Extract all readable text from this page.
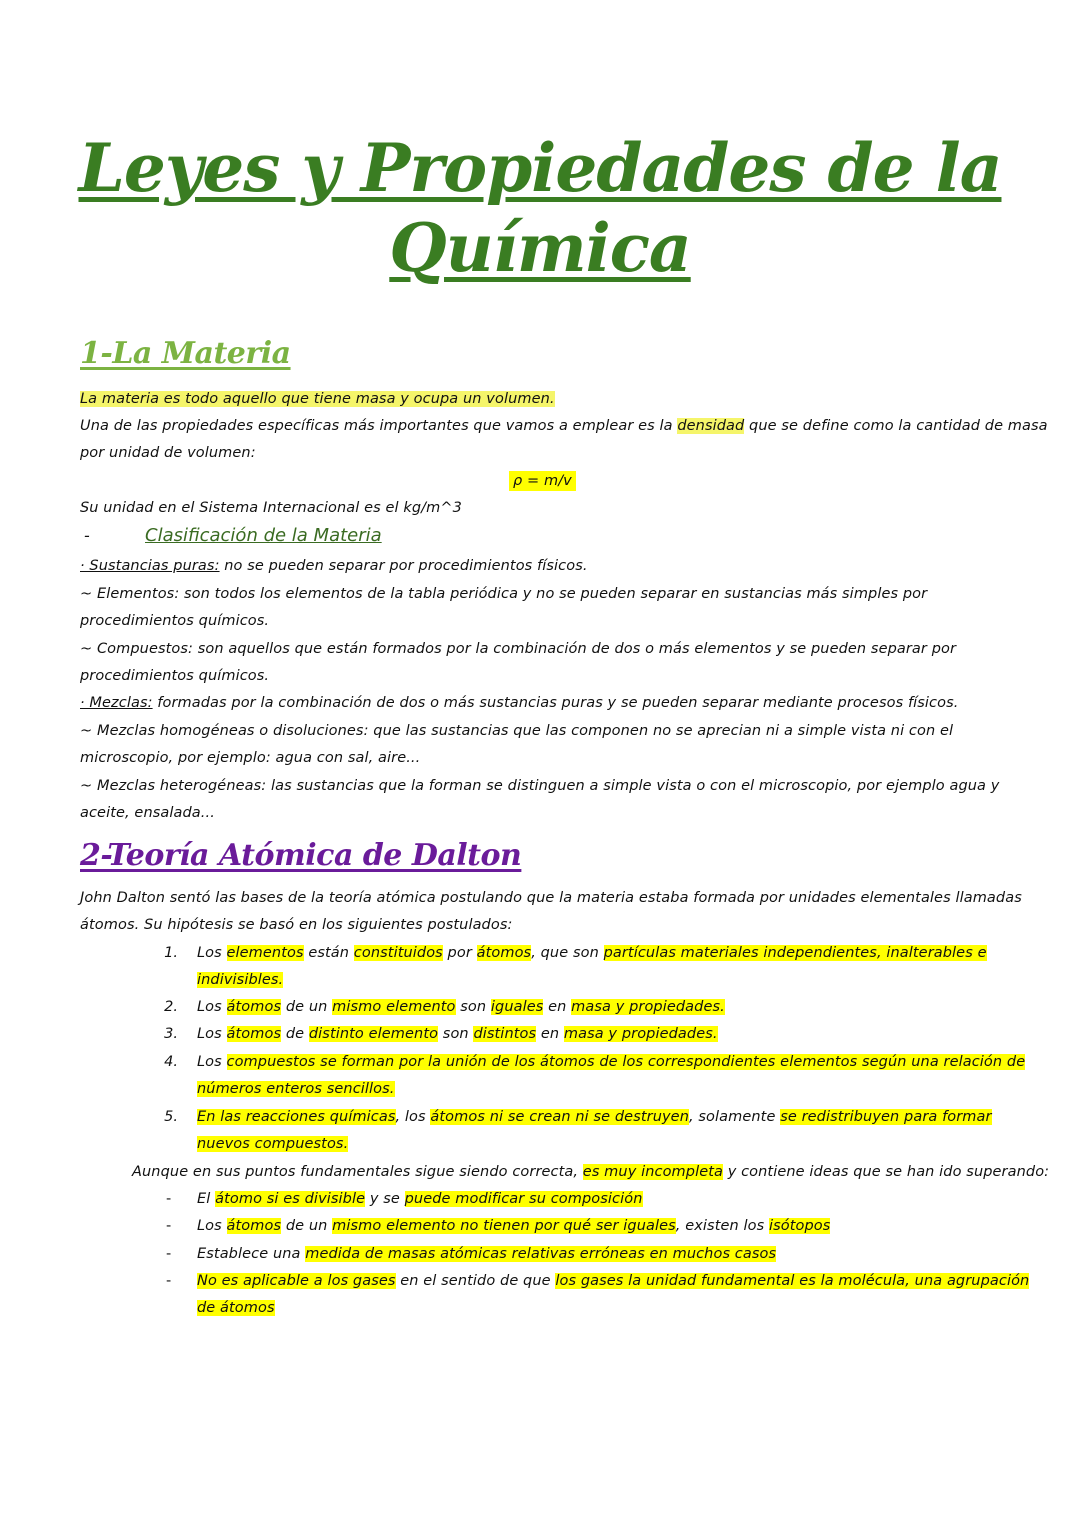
Leyes y Propiedades de la
Química
1-La Materia
La materia es todo aquello que tiene masa y ocupa un volumen.
Una de las propiedades específicas más importantes que vamos a emplear es la densidad que se define como la cantidad de masa
por unidad de volumen:
ρ = m/v
Su unidad en el Sistema Internacional es el kg/m^3
-	Clasificación de la Materia
· Sustancias puras: no se pueden separar por procedimientos físicos.
~ Elementos: son todos los elementos de la tabla periódica y no se pueden separar en sustancias más simples por
procedimientos químicos.
~ Compuestos: son aquellos que están formados por la combinación de dos o más elementos y se pueden separar por
procedimientos químicos.
· Mezclas: formadas por la combinación de dos o más sustancias puras y se pueden separar mediante procesos físicos.
~ Mezclas homogéneas o disoluciones: que las sustancias que las componen no se aprecian ni a simple vista ni con el
microscopio, por ejemplo: agua con sal, aire...
~ Mezclas heterogéneas: las sustancias que la forman se distinguen a simple vista o con el microscopio, por ejemplo agua y
aceite, ensalada...
2-Teoría Atómica de Dalton
John Dalton sentó las bases de la teoría atómica postulando que la materia estaba formada por unidades elementales llamadas
átomos. Su hipótesis se basó en los siguientes postulados:
1. Los elementos están constituidos por átomos, que son partículas materiales independientes, inalterables e
indivisibles.
2. Los átomos de un mismo elemento son iguales en masa y propiedades.
3. Los átomos de distinto elemento son distintos en masa y propiedades.
4. Los compuestos se forman por la unión de los átomos de los correspondientes elementos según una relación de
números enteros sencillos.
5. En las reacciones químicas, los átomos ni se crean ni se destruyen, solamente se redistribuyen para formar
nuevos compuestos.
Aunque en sus puntos fundamentales sigue siendo correcta, es muy incompleta y contiene ideas que se han ido superando:
- El átomo si es divisible y se puede modificar su composición
- Los átomos de un mismo elemento no tienen por qué ser iguales, existen los isótopos
- Establece una medida de masas atómicas relativas erróneas en muchos casos
- No es aplicable a los gases en el sentido de que los gases la unidad fundamental es la molécula, una agrupación
de átomos
